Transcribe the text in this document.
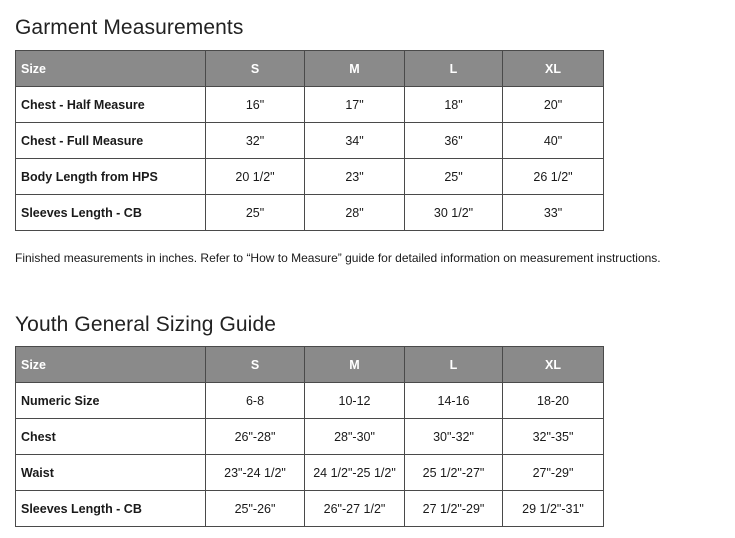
Garment Measurements
Size	S	M	L	XL
Chest - Half Measure	16"	17"	18"	20"
Chest - Full Measure	32"	34"	36"	40"
Body Length from HPS	20 1/2"	23"	25"	26 1/2"
Sleeves Length - CB	25"	28"	30 1/2"	33"

Finished measurements in inches. Refer to “How to Measure” guide for detailed information on measurement instructions.

Youth General Sizing Guide
Size	S	M	L	XL
Numeric Size	6-8	10-12	14-16	18-20
Chest	26"-28"	28"-30"	30"-32"	32"-35"
Waist	23"-24 1/2"	24 1/2"-25 1/2"	25 1/2"-27"	27"-29"
Sleeves Length - CB	25"-26"	26"-27 1/2"	27 1/2"-29"	29 1/2"-31"
